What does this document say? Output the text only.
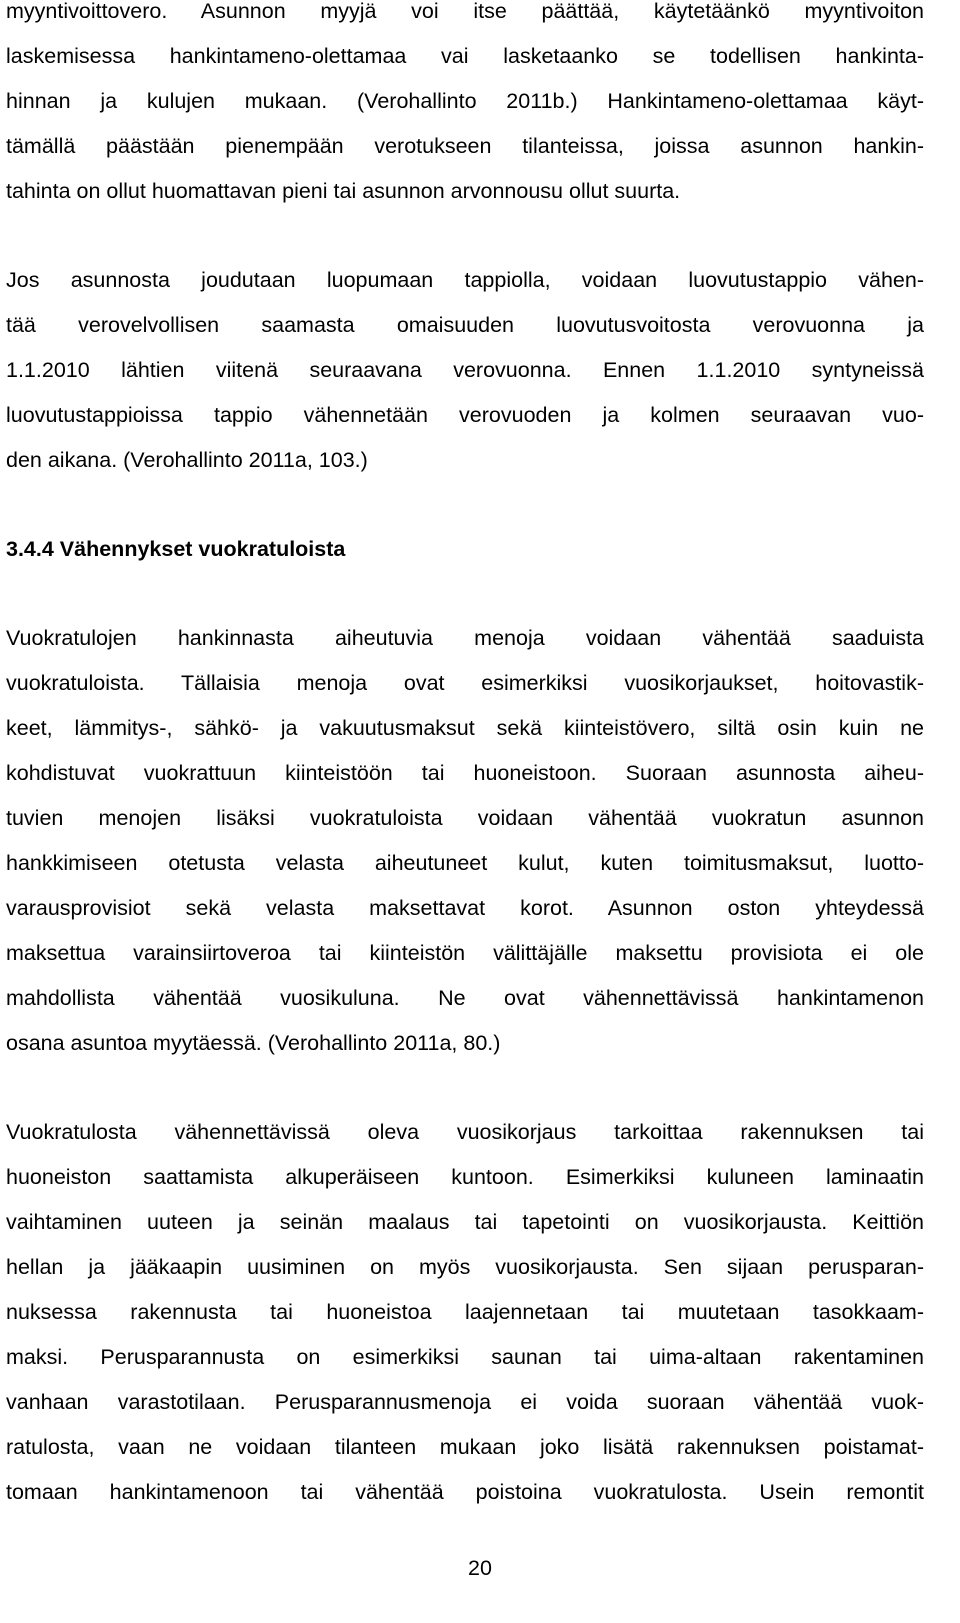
myyntivoittovero. Asunnon myyjä voi itse päättää, käytetäänkö myyntivoiton
laskemisessa hankintameno-olettamaa vai lasketaanko se todellisen hankinta-
hinnan ja kulujen mukaan. (Verohallinto 2011b.) Hankintameno-olettamaa käyt-
tämällä päästään pienempään verotukseen tilanteissa, joissa asunnon hankin-
tahinta on ollut huomattavan pieni tai asunnon arvonnousu ollut suurta.
Jos asunnosta joudutaan luopumaan tappiolla, voidaan luovutustappio vähen-
tää verovelvollisen saamasta omaisuuden luovutusvoitosta verovuonna ja
1.1.2010 lähtien viitenä seuraavana verovuonna. Ennen 1.1.2010 syntyneissä
luovutustappioissa tappio vähennetään verovuoden ja kolmen seuraavan vuo-
den aikana. (Verohallinto 2011a, 103.)
3.4.4 Vähennykset vuokratuloista
Vuokratulojen hankinnasta aiheutuvia menoja voidaan vähentää saaduista
vuokratuloista. Tällaisia menoja ovat esimerkiksi vuosikorjaukset, hoitovastik-
keet, lämmitys-, sähkö- ja vakuutusmaksut sekä kiinteistövero, siltä osin kuin ne
kohdistuvat vuokrattuun kiinteistöön tai huoneistoon. Suoraan asunnosta aiheu-
tuvien menojen lisäksi vuokratuloista voidaan vähentää vuokratun asunnon
hankkimiseen otetusta velasta aiheutuneet kulut, kuten toimitusmaksut, luotto-
varausprovisiot sekä velasta maksettavat korot. Asunnon oston yhteydessä
maksettua varainsiirtoveroa tai kiinteistön välittäjälle maksettu provisiota ei ole
mahdollista vähentää vuosikuluna. Ne ovat vähennettävissä hankintamenon
osana asuntoa myytäessä. (Verohallinto 2011a, 80.)
Vuokratulosta vähennettävissä oleva vuosikorjaus tarkoittaa rakennuksen tai
huoneiston saattamista alkuperäiseen kuntoon. Esimerkiksi kuluneen laminaatin
vaihtaminen uuteen ja seinän maalaus tai tapetointi on vuosikorjausta. Keittiön
hellan ja jääkaapin uusiminen on myös vuosikorjausta. Sen sijaan perusparan-
nuksessa rakennusta tai huoneistoa laajennetaan tai muutetaan tasokkaam-
maksi. Perusparannusta on esimerkiksi saunan tai uima-altaan rakentaminen
vanhaan varastotilaan. Perusparannusmenoja ei voida suoraan vähentää vuok-
ratulosta, vaan ne voidaan tilanteen mukaan joko lisätä rakennuksen poistamat-
tomaan hankintamenoon tai vähentää poistoina vuokratulosta. Usein remontit
20
